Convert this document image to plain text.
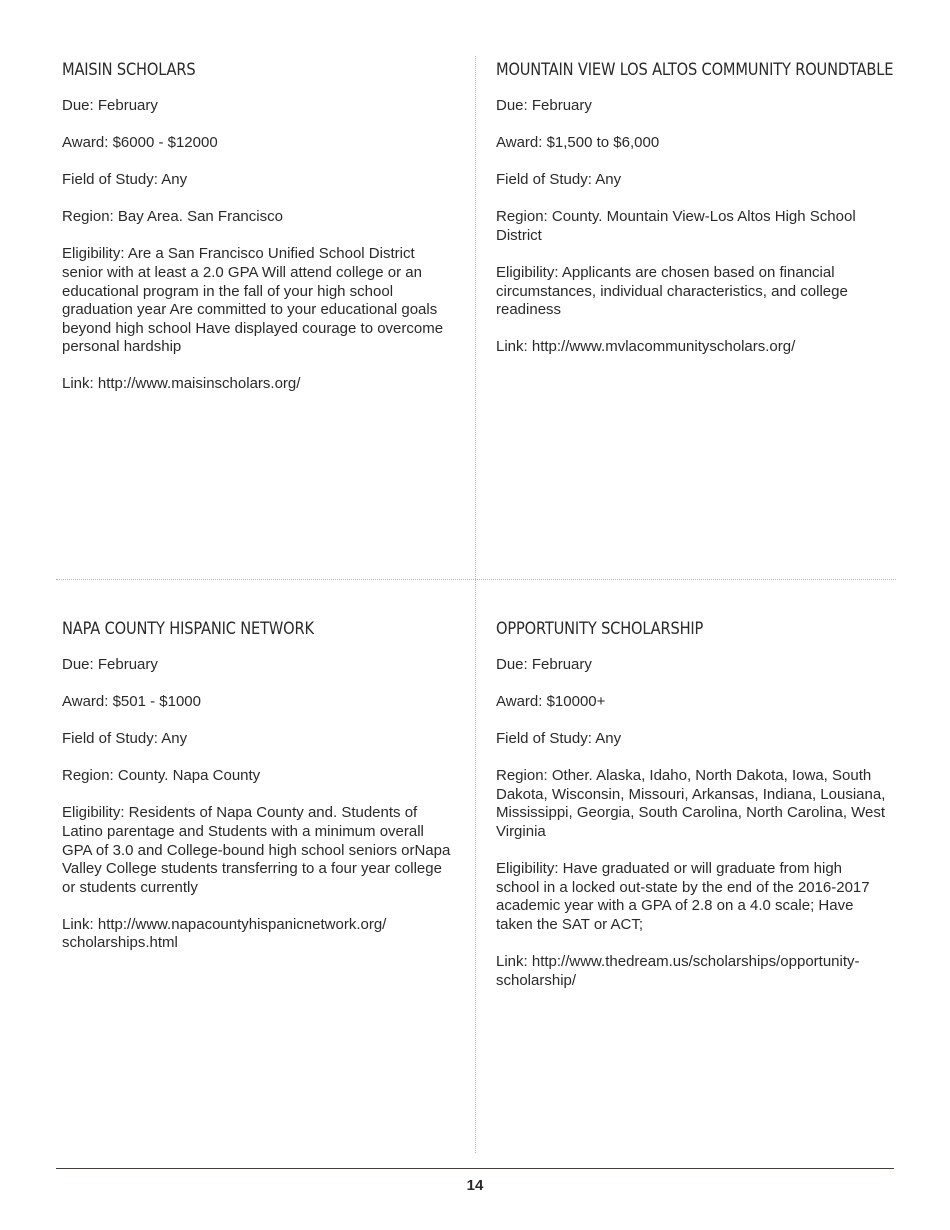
MAISIN SCHOLARS

Due: February

Award: $6000 - $12000

Field of Study: Any

Region: Bay Area. San Francisco

Eligibility: Are a San Francisco Unified School District senior with at least a 2.0 GPA Will attend college or an educational program in the fall of your high school graduation year Are committed to your educational goals beyond high school Have displayed courage to overcome personal hardship

Link: http://www.maisinscholars.org/

MOUNTAIN VIEW LOS ALTOS COMMUNITY ROUNDTABLE

Due: February

Award: $1,500 to $6,000

Field of Study: Any

Region: County. Mountain View-Los Altos High School District

Eligibility: Applicants are chosen based on financial circumstances, individual characteristics, and college readiness

Link: http://www.mvlacommunityscholars.org/

NAPA COUNTY HISPANIC NETWORK

Due: February

Award: $501 - $1000

Field of Study: Any

Region: County. Napa County

Eligibility: Residents of Napa County and. Students of Latino parentage and Students with a minimum overall GPA of 3.0 and College-bound high school seniors orNapa Valley College students transferring to a four year college or students currently

Link: http://www.napacountyhispanicnetwork.org/ scholarships.html

OPPORTUNITY SCHOLARSHIP

Due: February

Award: $10000+

Field of Study: Any

Region: Other. Alaska, Idaho, North Dakota, Iowa, South Dakota, Wisconsin, Missouri, Arkansas, Indiana, Lousiana, Mississippi, Georgia, South Carolina, North Carolina, West Virginia

Eligibility: Have graduated or will graduate from high school in a locked out-state by the end of the 2016-2017 academic year with a GPA of 2.8 on a 4.0 scale; Have taken the SAT or ACT;

Link: http://www.thedream.us/scholarships/opportunity-scholarship/

14
